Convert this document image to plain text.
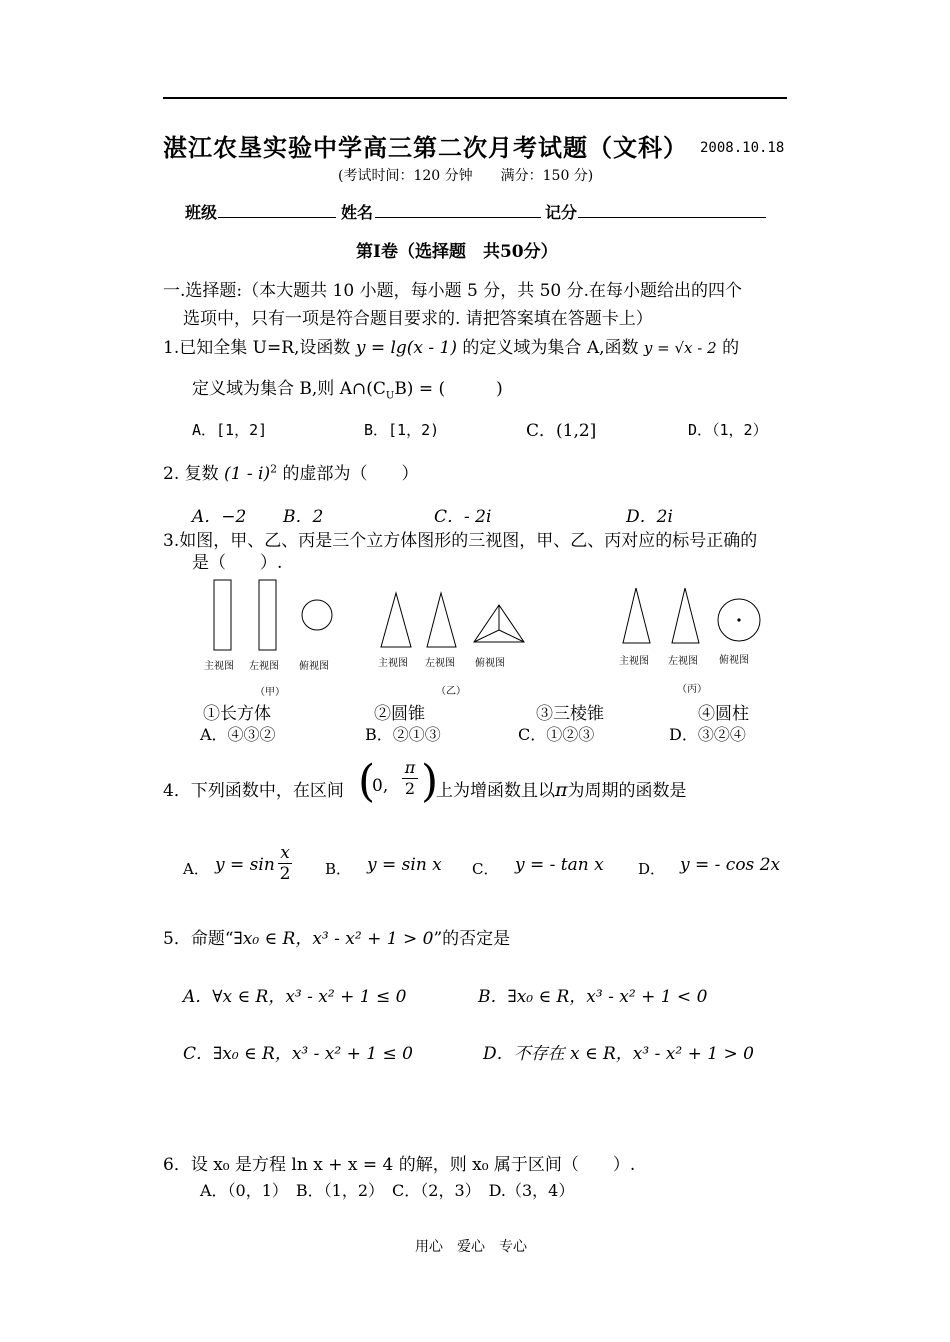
湛江农垦实验中学高三第二次月考试题（文科） 2008.10.18
(考试时间：120 分钟　　满分：150 分)
班级	姓名	记分
第Ⅰ卷（选择题　共50分）
一.选择题:（本大题共 10 小题，每小题 5 分，共 50 分.在每小题给出的四个
选项中，只有一项是符合题目要求的. 请把答案填在答题卡上）
1.已知全集 U=R,设函数 y = lg(x - 1) 的定义域为集合 A,函数 y = √x - 2 的
定义域为集合 B,则 $A\cap(C_UB)$ = (　　　)
A．[1，2]	B．[1，2)	C．(1,2]	D．（1，2）
2. 复数 (1 - i)$^2$ 的虚部为（　　）
A．−2 B．2	C．- 2i	D．2i
3.如图，甲、乙、丙是三个立方体图形的三视图，甲、乙、丙对应的标号正确的
是（　　）.
主视图 左视图 俯视图	主视图 左视图 俯视图	主视图 左视图 俯视图
（甲）	（乙）	（丙）
①长方体	②圆锥	③三棱锥	④圆柱
A．④③②	B．②①③	C．①②③	D．③②④
4．下列函数中，在区间 (
0,
π
2 )
上为增函数且以π为周期的函数是
A． y = sin
x
2 B． y = sin x C． y = - tan x D． y = - cos 2x
5．命题“∃x₀ ∈ R，x³ - x² + 1 > 0”的否定是
A．∀x ∈ R，x³ - x² + 1 ≤ 0	B．∃x₀ ∈ R，x³ - x² + 1 < 0
C．∃x₀ ∈ R，x³ - x² + 1 ≤ 0	D．不存在 x ∈ R，x³ - x² + 1 > 0
6．设 x₀ 是方程 ln x + x = 4 的解，则 x₀ 属于区间（　　）.
A．（0，1）　B．（1，2）　C．（2，3）　D.（3，4）
用心　爱心　专心
